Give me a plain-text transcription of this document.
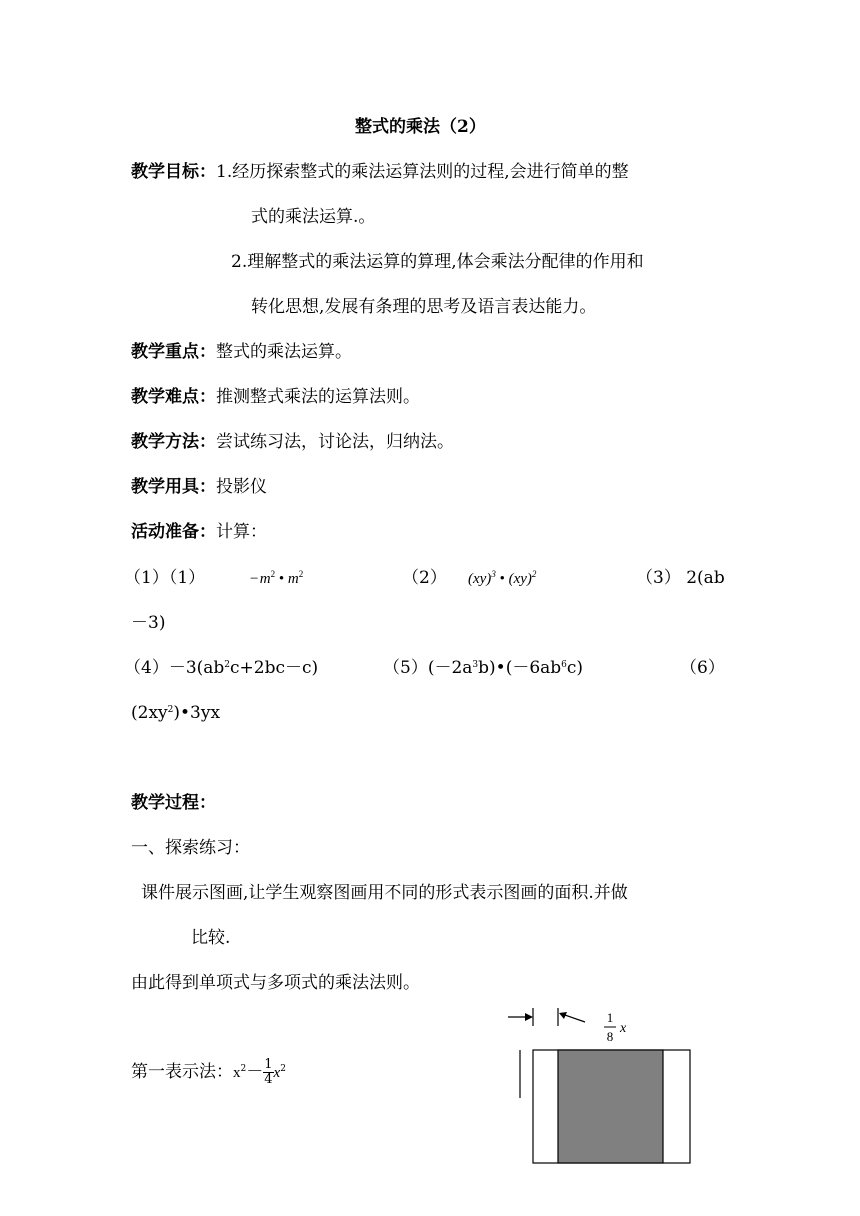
整式的乘法（2）
教学目标：1.经历探索整式的乘法运算法则的过程,会进行简单的整
式的乘法运算.。
2.理解整式的乘法运算的算理,体会乘法分配律的作用和
转化思想,发展有条理的思考及语言表达能力。
教学重点：整式的乘法运算。
教学难点：推测整式乘法的运算法则。
教学方法：尝试练习法，讨论法，归纳法。
教学用具：投影仪
活动准备：计算：
（1）（1）	− $m^2$ • $m^2$	（2） (xy)$^3$ • (xy)$^2$	（3） 2(ab
－3)
$(4)-3(ab^2c+2bc-c)$	$(5)(-2a^3b)•(-6ab^6c)$	（6）
$(2xy^2)•3yx$
教学过程：
一、探索练习：
课件展示图画,让学生观察图画用不同的形式表示图画的面积.并做
比较.
由此得到单项式与多项式的乘法法则。
第一表示法：$x^2- \frac{1}{4} x^2$
1
8
x
